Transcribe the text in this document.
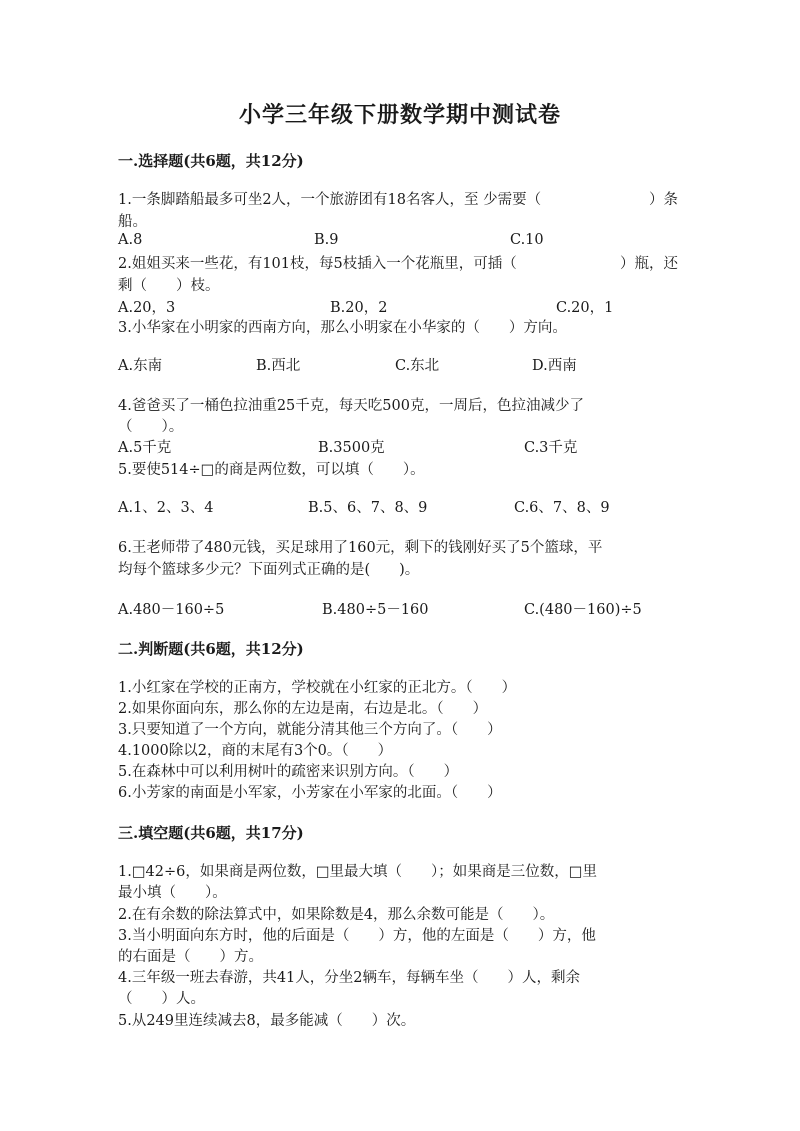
小学三年级下册数学期中测试卷
一.选择题(共6题，共12分)
1.一条脚踏船最多可坐2人，一个旅游团有18名客人，至 少需要（	）条
船。
A.8	B.9	C.10
2.姐姐买来一些花，有101枝，每5枝插入一个花瓶里，可插（	）瓶，还
剩（　　）枝。
A.20，3	B.20，2	C.20，1
3.小华家在小明家的西南方向，那么小明家在小华家的（　　）方向。
A.东南	B.西北	C.东北	D.西南
4.爸爸买了一桶色拉油重25千克，每天吃500克，一周后，色拉油减少了
（　　）。
A.5千克	B.3500克	C.3千克
5.要使514÷□的商是两位数，可以填（　　）。
A.1、2、3、4	B.5、6、7、8、9	C.6、7、8、9
6.王老师带了480元钱，买足球用了160元，剩下的钱刚好买了5个篮球，平
均每个篮球多少元？下面列式正确的是(　　)。
A.480－160÷5	B.480÷5－160	C.(480－160)÷5
二.判断题(共6题，共12分)
1.小红家在学校的正南方，学校就在小红家的正北方。（　　）
2.如果你面向东，那么你的左边是南，右边是北。（　　）
3.只要知道了一个方向，就能分清其他三个方向了。（　　）
4.1000除以2，商的末尾有3个0。（　　）
5.在森林中可以利用树叶的疏密来识别方向。（　　）
6.小芳家的南面是小军家，小芳家在小军家的北面。（　　）
三.填空题(共6题，共17分)
1.□42÷6，如果商是两位数，□里最大填（　　）；如果商是三位数，□里
最小填（　　）。
2.在有余数的除法算式中，如果除数是4，那么余数可能是（　　）。
3.当小明面向东方时，他的后面是（　　）方，他的左面是（　　）方，他
的右面是（　　）方。
4.三年级一班去春游，共41人，分坐2辆车，每辆车坐（　　）人，剩余
（　　）人。
5.从249里连续减去8，最多能减（　　）次。
